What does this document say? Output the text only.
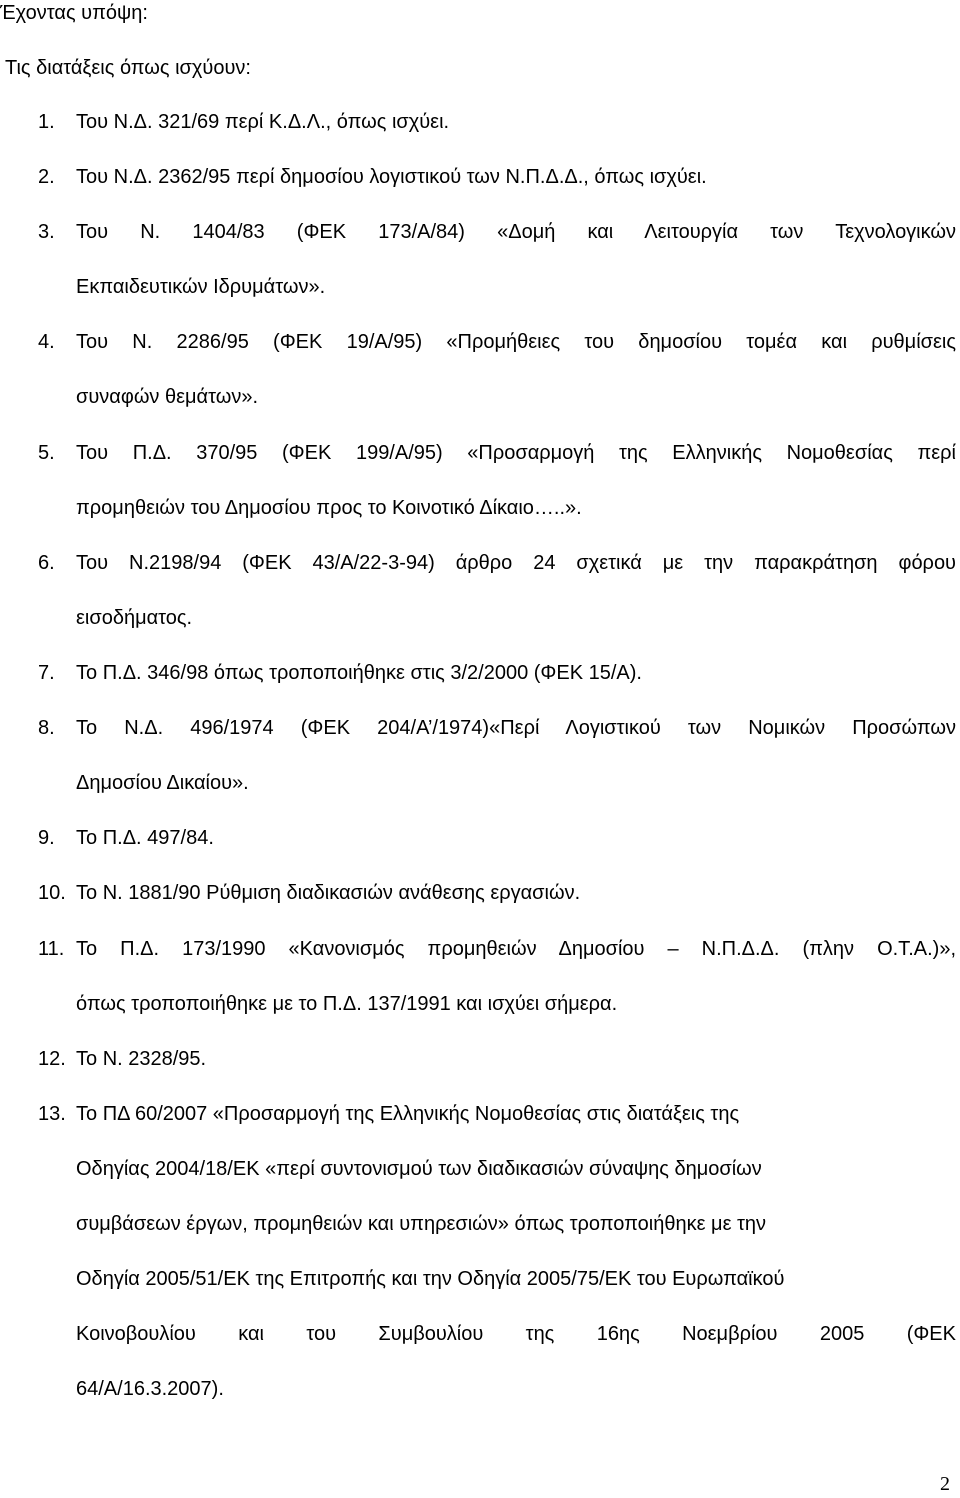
Έχοντας υπόψη:
Τις διατάξεις όπως ισχύουν:
1. Του Ν.Δ. 321/69 περί Κ.Δ.Λ., όπως ισχύει.
2. Του Ν.Δ. 2362/95 περί δημοσίου λογιστικού των Ν.Π.Δ.Δ., όπως ισχύει.
3. Του Ν. 1404/83 (ΦΕΚ 173/Α/84) «Δομή και Λειτουργία των Τεχνολογικών
Εκπαιδευτικών Ιδρυμάτων».
4. Του Ν. 2286/95 (ΦΕΚ 19/Α/95) «Προμήθειες του δημοσίου τομέα και ρυθμίσεις
συναφών θεμάτων».
5. Του Π.Δ. 370/95 (ΦΕΚ 199/Α/95) «Προσαρμογή της Ελληνικής Νομοθεσίας περί
προμηθειών του Δημοσίου προς το Κοινοτικό Δίκαιο…..».
6. Του Ν.2198/94 (ΦΕΚ 43/Α/22-3-94) άρθρο 24 σχετικά με την παρακράτηση φόρου
εισοδήματος.
7. Το Π.Δ. 346/98 όπως τροποποιήθηκε στις 3/2/2000 (ΦΕΚ 15/Α).
8. Το Ν.Δ. 496/1974 (ΦΕΚ 204/Α’/1974)«Περί Λογιστικού των Νομικών Προσώπων
Δημοσίου Δικαίου».
9. Το Π.Δ. 497/84.
10. Το Ν. 1881/90 Ρύθμιση διαδικασιών ανάθεσης εργασιών.
11. Το Π.Δ. 173/1990 «Κανονισμός προμηθειών Δημοσίου – Ν.Π.Δ.Δ. (πλην Ο.Τ.Α.)»,
όπως τροποποιήθηκε με το Π.Δ. 137/1991 και ισχύει σήμερα.
12. Το Ν. 2328/95.
13. Το ΠΔ 60/2007 «Προσαρμογή της Ελληνικής Νομοθεσίας στις διατάξεις της
Οδηγίας 2004/18/ΕΚ «περί συντονισμού των διαδικασιών σύναψης δημοσίων
συμβάσεων έργων, προμηθειών και υπηρεσιών» όπως τροποποιήθηκε με την
Οδηγία 2005/51/ΕΚ της Επιτροπής και την Οδηγία 2005/75/ΕΚ του Ευρωπαϊκού
Κοινοβουλίου και του Συμβουλίου της 16ης Νοεμβρίου 2005 (ΦΕΚ
64/Α/16.3.2007).
2
